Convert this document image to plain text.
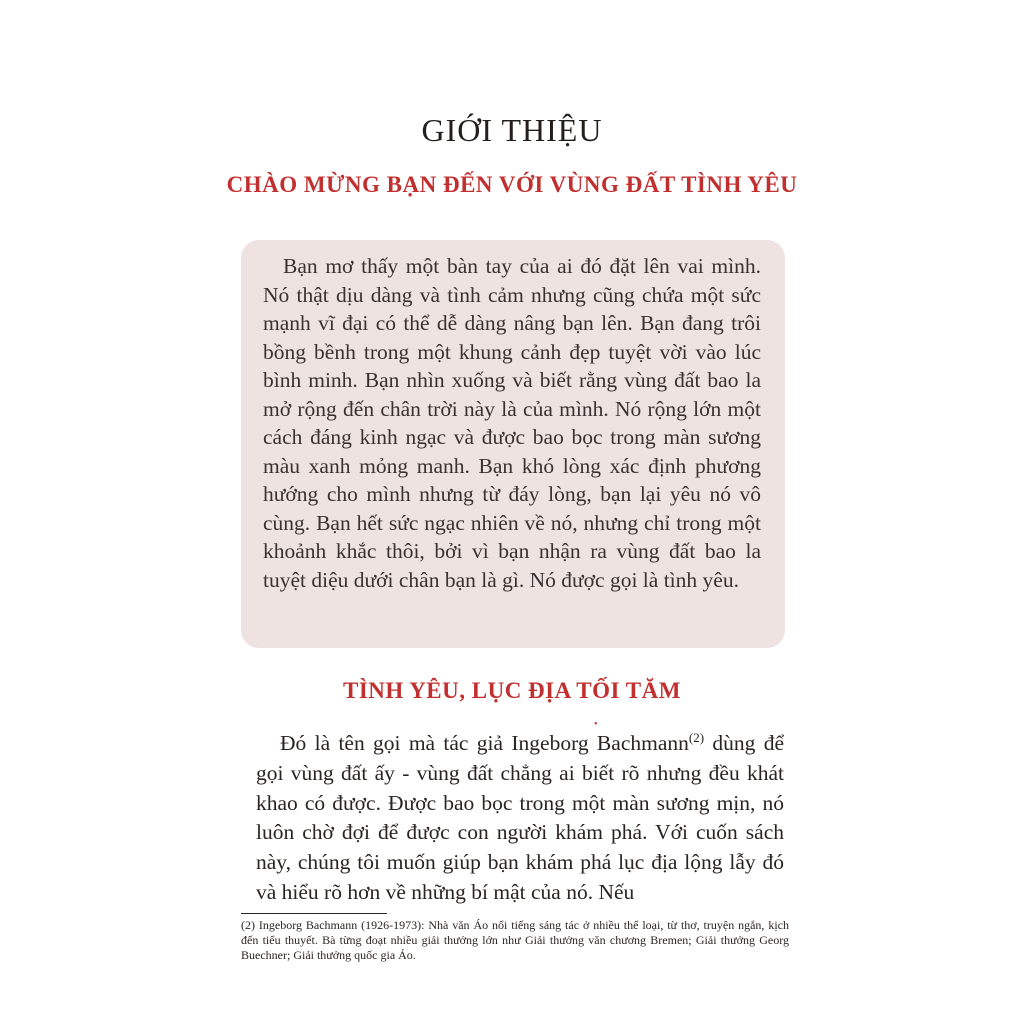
GIỚI THIỆU
CHÀO MỪNG BẠN ĐẾN VỚI VÙNG ĐẤT TÌNH YÊU

Bạn mơ thấy một bàn tay của ai đó đặt lên vai mình. Nó thật dịu dàng và tình cảm nhưng cũng chứa một sức mạnh vĩ đại có thể dễ dàng nâng bạn lên. Bạn đang trôi bồng bềnh trong một khung cảnh đẹp tuyệt vời vào lúc bình minh. Bạn nhìn xuống và biết rằng vùng đất bao la mở rộng đến chân trời này là của mình. Nó rộng lớn một cách đáng kinh ngạc và được bao bọc trong màn sương màu xanh mỏng manh. Bạn khó lòng xác định phương hướng cho mình nhưng từ đáy lòng, bạn lại yêu nó vô cùng. Bạn hết sức ngạc nhiên về nó, nhưng chỉ trong một khoảnh khắc thôi, bởi vì bạn nhận ra vùng đất bao la tuyệt diệu dưới chân bạn là gì. Nó được gọi là tình yêu.

TÌNH YÊU, LỤC ĐỊA TỐI TĂM
•

Đó là tên gọi mà tác giả Ingeborg Bachmann$^{(2)}$ dùng để gọi vùng đất ấy - vùng đất chẳng ai biết rõ nhưng đều khát khao có được. Được bao bọc trong một màn sương mịn, nó luôn chờ đợi để được con người khám phá. Với cuốn sách này, chúng tôi muốn giúp bạn khám phá lục địa lộng lẫy đó và hiểu rõ hơn về những bí mật của nó. Nếu

(2) Ingeborg Bachmann (1926-1973): Nhà văn Áo nổi tiếng sáng tác ở nhiều thể loại, từ thơ, truyện ngắn, kịch đến tiểu thuyết. Bà từng đoạt nhiều giải thưởng lớn như Giải thưởng văn chương Bremen; Giải thưởng Georg Buechner; Giải thưởng quốc gia Áo.
